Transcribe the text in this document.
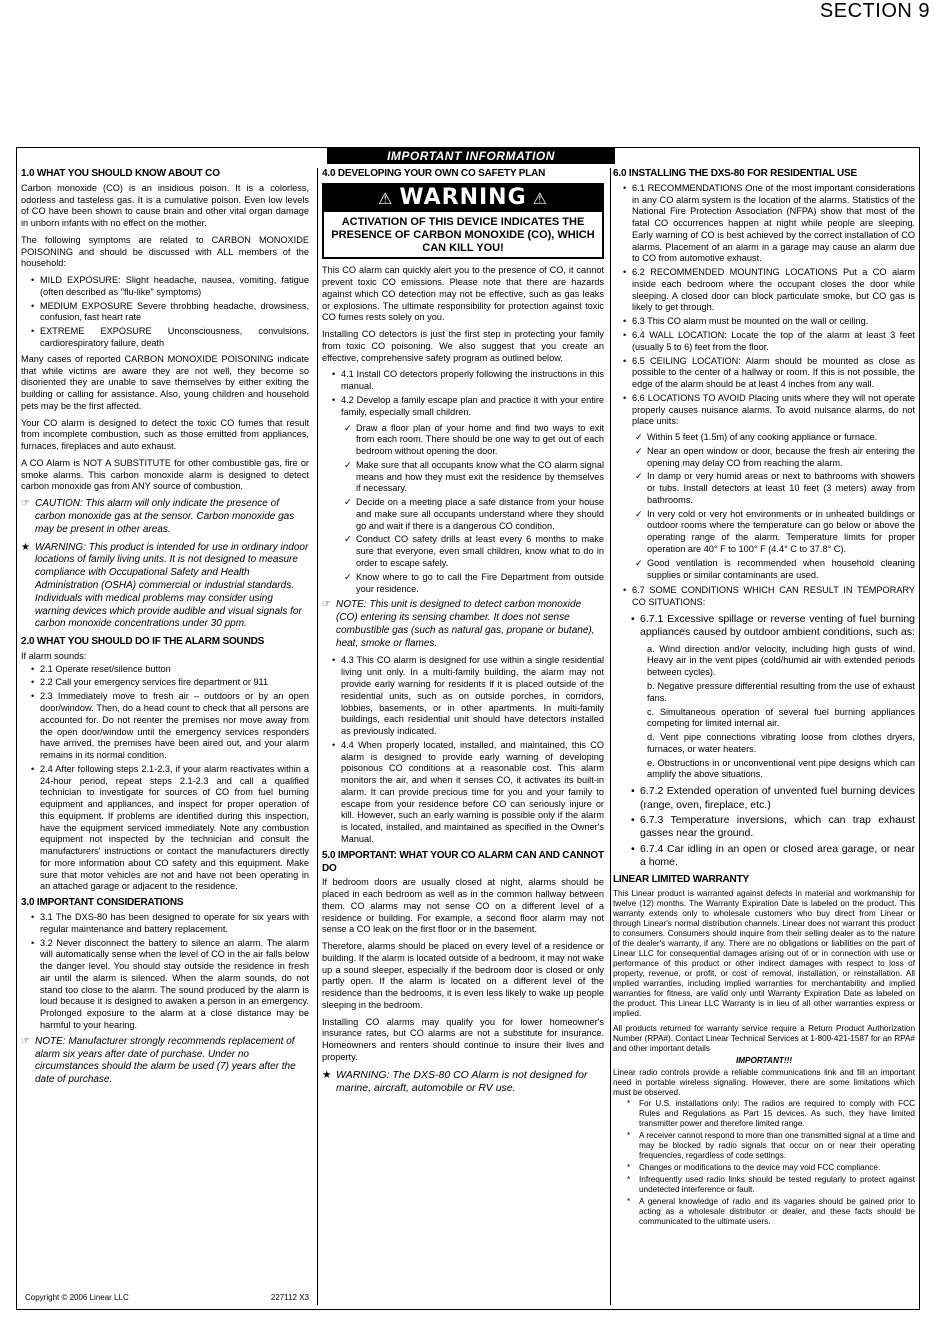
SECTION 9
IMPORTANT INFORMATION
1.0 WHAT YOU SHOULD KNOW ABOUT CO

Carbon monoxide (CO) is an insidious poison. It is a colorless, odorless and tasteless gas. It is a cumulative poison. Even low levels of CO have been shown to cause brain and other vital organ damage in unborn infants with no effect on the mother.

The following symptoms are related to CARBON MONOXIDE POISONING and should be discussed with ALL members of the household:

• MILD EXPOSURE: Slight headache, nausea, vomiting, fatigue (often described as "flu-like" symptoms)
• MEDIUM EXPOSURE Severe throbbing headache, drowsiness, confusion, fast heart rate
• EXTREME EXPOSURE Unconsciousness, convulsions, cardiorespiratory failure, death

Many cases of reported CARBON MONOXIDE POISONING indicate that while victims are aware they are not well, they become so disoriented they are unable to save themselves by either exiting the building or calling for assistance. Also, young children and household pets may be the first affected.

Your CO alarm is designed to detect the toxic CO fumes that result from incomplete combustion, such as those emitted from appliances, furnaces, fireplaces and auto exhaust.

A CO Alarm is NOT A SUBSTITUTE for other combustible gas, fire or smoke alarms. This carbon monoxide alarm is designed to detect carbon monoxide gas from ANY source of combustion.

☞ CAUTION: This alarm will only indicate the presence of carbon monoxide gas at the sensor. Carbon monoxide gas may be present in other areas.
★ WARNING: This product is intended for use in ordinary indoor locations of family living units. It is not designed to measure compliance with Occupational Safety and Health Administration (OSHA) commercial or industrial standards. Individuals with medical problems may consider using warning devices which provide audible and visual signals for carbon monoxide concentrations under 30 ppm.
2.0 WHAT YOU SHOULD DO IF THE ALARM SOUNDS

If alarm sounds:

• 2.1 Operate reset/silence button
• 2.2 Call your emergency services fire department or 911
• 2.3 Immediately move to fresh air – outdoors or by an open door/window. Then, do a head count to check that all persons are accounted for. Do not reenter the premises nor move away from the open door/window until the emergency services responders have arrived, the premises have been aired out, and your alarm remains in its normal condition.
• 2.4 After following steps 2.1-2.3, if your alarm reactivates within a 24-hour period, repeat steps 2.1-2.3 and call a qualified technician to investigate for sources of CO from fuel burning equipment and appliances, and inspect for proper operation of this equipment. If problems are identified during this inspection, have the equipment serviced immediately. Note any combustion equipment not inspected by the technician and consult the manufacturers' instructions or contact the manufacturers directly for more information about CO safety and this equipment. Make sure that motor vehicles are not and have not been operating in an attached garage or adjacent to the residence.
3.0 IMPORTANT CONSIDERATIONS
• 3.1 The DXS-80 has been designed to operate for six years with regular maintenance and battery replacement.
• 3.2 Never disconnect the battery to silence an alarm. The alarm will automatically sense when the level of CO in the air falls below the danger level. You should stay outside the residence in fresh air until the alarm is silenced. When the alarm sounds, do not stand too close to the alarm. The sound produced by the alarm is loud because it is designed to awaken a person in an emergency. Prolonged exposure to the alarm at a close distance may be harmful to your hearing.
☞ NOTE: Manufacturer strongly recommends replacement of alarm six years after date of purchase. Under no circumstances should the alarm be used (7) years after the date of purchase.
Copyright © 2006 Linear LLC	227112 X3
4.0 DEVELOPING YOUR OWN CO SAFETY PLAN
⚠ WARNING ⚠
ACTIVATION OF THIS DEVICE INDICATES THE PRESENCE OF CARBON MONOXIDE (CO), WHICH CAN KILL YOU!

This CO alarm can quickly alert you to the presence of CO, it cannot prevent toxic CO emissions. Please note that there are hazards against which CO detection may not be effective, such as gas leaks or explosions. The ultimate responsibility for protection against toxic CO fumes rests solely on you.

Installing CO detectors is just the first step in protecting your family from toxic CO poisoning. We also suggest that you create an effective, comprehensive safety program as outlined below.

• 4.1 Install CO detectors properly following the instructions in this manual.
• 4.2 Develop a family escape plan and practice it with your entire family, especially small children.
✓ Draw a floor plan of your home and find two ways to exit from each room. There should be one way to get out of each bedroom without opening the door.
✓ Make sure that all occupants know what the CO alarm signal means and how they must exit the residence by themselves if necessary.
✓ Decide on a meeting place a safe distance from your house and make sure all occupants understand where they should go and wait if there is a dangerous CO condition.
✓ Conduct CO safety drills at least every 6 months to make sure that everyone, even small children, know what to do in order to escape safely.
✓ Know where to go to call the Fire Department from outside your residence.
☞ NOTE: This unit is designed to detect carbon monoxide (CO) entering its sensing chamber. It does not sense combustible gas (such as natural gas, propane or butane), heat, smoke or flames.
• 4.3 This CO alarm is designed for use within a single residential living unit only. In a multi-family building, the alarm may not provide early warning for residents if it is placed outside of the residential units, such as on outside porches, in corridors, lobbies, basements, or in other apartments. In multi-family buildings, each residential unit should have detectors installed as previously indicated.
• 4.4 When properly located, installed, and maintained, this CO alarm is designed to provide early warning of developing poisonous CO conditions at a reasonable cost. This alarm monitors the air, and when it senses CO, it activates its built-in alarm. It can provide precious time for you and your family to escape from your residence before CO can seriously injure or kill. However, such an early warning is possible only if the alarm is located, installed, and maintained as specified in the Owner's Manual.
5.0 IMPORTANT: WHAT YOUR CO ALARM CAN AND CANNOT DO

If bedroom doors are usually closed at night, alarms should be placed in each bedroom as well as in the common hallway between them. CO alarms may not sense CO on a different level of a residence or building. For example, a second floor alarm may not sense a CO leak on the first floor or in the basement.

Therefore, alarms should be placed on every level of a residence or building. If the alarm is located outside of a bedroom, it may not wake up a sound sleeper, especially if the bedroom door is closed or only partly open. If the alarm is located on a different level of the residence than the bedrooms, it is even less likely to wake up people sleeping in the bedroom.

Installing CO alarms may qualify you for lower homeowner's insurance rates, but CO alarms are not a substitute for insurance. Homeowners and renters should continue to insure their lives and property.

★ WARNING: The DXS-80 CO Alarm is not designed for marine, aircraft, automobile or RV use.
6.0 INSTALLING THE DXS-80 FOR RESIDENTIAL USE
• 6.1 RECOMMENDATIONS One of the most important considerations in any CO alarm system is the location of the alarms. Statistics of the National Fire Protection Association (NFPA) show that most of the fatal CO occurrences happen at night while people are sleeping. Early warning of CO is best achieved by the correct installation of CO alarms. Placement of an alarm in a garage may cause an alarm due to CO from automotive exhaust.
• 6.2 RECOMMENDED MOUNTING LOCATIONS Put a CO alarm inside each bedroom where the occupant closes the door while sleeping. A closed door can block particulate smoke, but CO gas is likely to get through.
• 6.3 This CO alarm must be mounted on the wall or ceiling.
• 6.4 WALL LOCATION: Locate the top of the alarm at least 3 feet (usually 5 to 6) feet from the floor.
• 6.5 CEILING LOCATION: Alarm should be mounted as close as possible to the center of a hallway or room. If this is not possible, the edge of the alarm should be at least 4 inches from any wall.
• 6.6 LOCATIONS TO AVOID Placing units where they will not operate properly causes nuisance alarms. To avoid nuisance alarms, do not place units:
✓ Within 5 feet (1.5m) of any cooking appliance or furnace.
✓ Near an open window or door, because the fresh air entering the opening may delay CO from reaching the alarm.
✓ In damp or very humid areas or next to bathrooms with showers or tubs. Install detectors at least 10 feet (3 meters) away from bathrooms.
✓ In very cold or very hot environments or in unheated buildings or outdoor rooms where the temperature can go below or above the operating range of the alarm. Temperature limits for proper operation are 40° F to 100° F (4.4° C to 37.8° C).
✓ Good ventilation is recommended when household cleaning supplies or similar contaminants are used.
• 6.7 SOME CONDITIONS WHICH CAN RESULT IN TEMPORARY CO SITUATIONS:
• 6.7.1 Excessive spillage or reverse venting of fuel burning appliances caused by outdoor ambient conditions, such as:
a. Wind direction and/or velocity, including high gusts of wind. Heavy air in the vent pipes (cold/humid air with extended periods between cycles).
b. Negative pressure differential resulting from the use of exhaust fans.
c. Simultaneous operation of several fuel burning appliances competing for limited internal air.
d. Vent pipe connections vibrating loose from clothes dryers, furnaces, or water heaters.
e. Obstructions in or unconventional vent pipe designs which can amplify the above situations.
• 6.7.2 Extended operation of unvented fuel burning devices (range, oven, fireplace, etc.)
• 6.7.3 Temperature inversions, which can trap exhaust gasses near the ground.
• 6.7.4 Car idling in an open or closed area garage, or near a home.
LINEAR LIMITED WARRANTY

This Linear product is warranted against defects in material and workmanship for twelve (12) months. The Warranty Expiration Date is labeled on the product. This warranty extends only to wholesale customers who buy direct from Linear or through Linear's normal distribution channels. Linear does not warrant this product to consumers. Consumers should inquire from their selling dealer as to the nature of the dealer's warranty, if any. There are no obligations or liabilities on the part of Linear LLC for consequential damages arising out of or in connection with use or performance of this product or other indirect damages with respect to loss of property, revenue, or profit, or cost of removal, installation, or reinstallation. All implied warranties, including implied warranties for merchantability and implied warranties for fitness, are valid only until Warranty Expiration Date as labeled on the product. This Linear LLC Warranty is in lieu of all other warranties express or implied.

All products returned for warranty service require a Return Product Authorization Number (RPA#). Contact Linear Technical Services at 1-800-421-1587 for an RPA# and other important details

IMPORTANT!!!

Linear radio controls provide a reliable communications link and fill an important need in portable wireless signaling. However, there are some limitations which must be observed.

* For U.S. installations only: The radios are required to comply with FCC Rules and Regulations as Part 15 devices. As such, they have limited transmitter power and therefore limited range.
* A receiver cannot respond to more than one transmitted signal at a time and may be blocked by radio signals that occur on or near their operating frequencies, regardless of code settings.
* Changes or modifications to the device may void FCC compliance.
* Infrequently used radio links should be tested regularly to protect against undetected interference or fault.
* A general knowledge of radio and its vagaries should be gained prior to acting as a wholesale distributor or dealer, and these facts should be communicated to the ultimate users.
